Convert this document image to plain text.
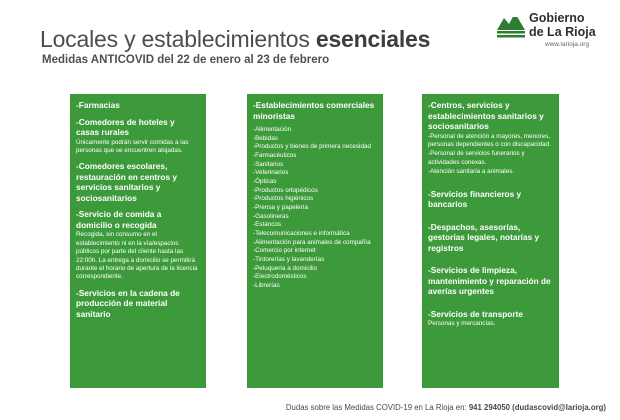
Locales y establecimientos esenciales
Medidas ANTICOVID del 22 de enero al 23 de febrero
Gobierno
de La Rioja
www.larioja.org
-Farmacias
-Comedores de hoteles y casas rurales
Únicamente podrán servir comidas a las personas que se encuentren alojadas.
-Comedores escolares, restauración en centros y servicios sanitarios y sociosanitarios
-Servicio de comida a domicilio o recogida
Recogida, sin consumo en el establecimiento ni en la vía/espacios públicos por parte del cliente hasta las 22:00h. La entrega a domicilio se permitirá durante el horario de apertura de la licencia correspondiente.
-Servicios en la cadena de producción de material sanitario
-Establecimientos comerciales minoristas
-Alimentación
-Bebidas
-Productos y bienes de primera necesidad
-Farmacéuticos
-Sanitarios
-Veterinarios
-Ópticas
-Productos ortopédicos
-Productos higiénicos
-Prensa y papelería
-Gasolineras
-Estancos
-Telecomunicaciones e informática
-Alimentación para animales de compañía
-Comercio por internet
-Tintorerías y lavanderías
-Peluquería a domicilio
-Electrodomésticos
-Librerías
-Centros, servicios y establecimientos sanitarios y sociosanitarios
-Personal de atención a mayores, menores, personas dependientes o con discapacidad.
-Personal de servicios funerarios y actividades conexas.
-Atención sanitaria a animales.
-Servicios financieros y bancarios
-Despachos, asesorías, gestorías legales, notarías y registros
-Servicios de limpieza, mantenimiento y reparación de averías urgentes
-Servicios de transporte
Personas y mercancías.
Dudas sobre las Medidas COVID-19 en La Rioja en: 941 294050 (dudascovid@larioja.org)
